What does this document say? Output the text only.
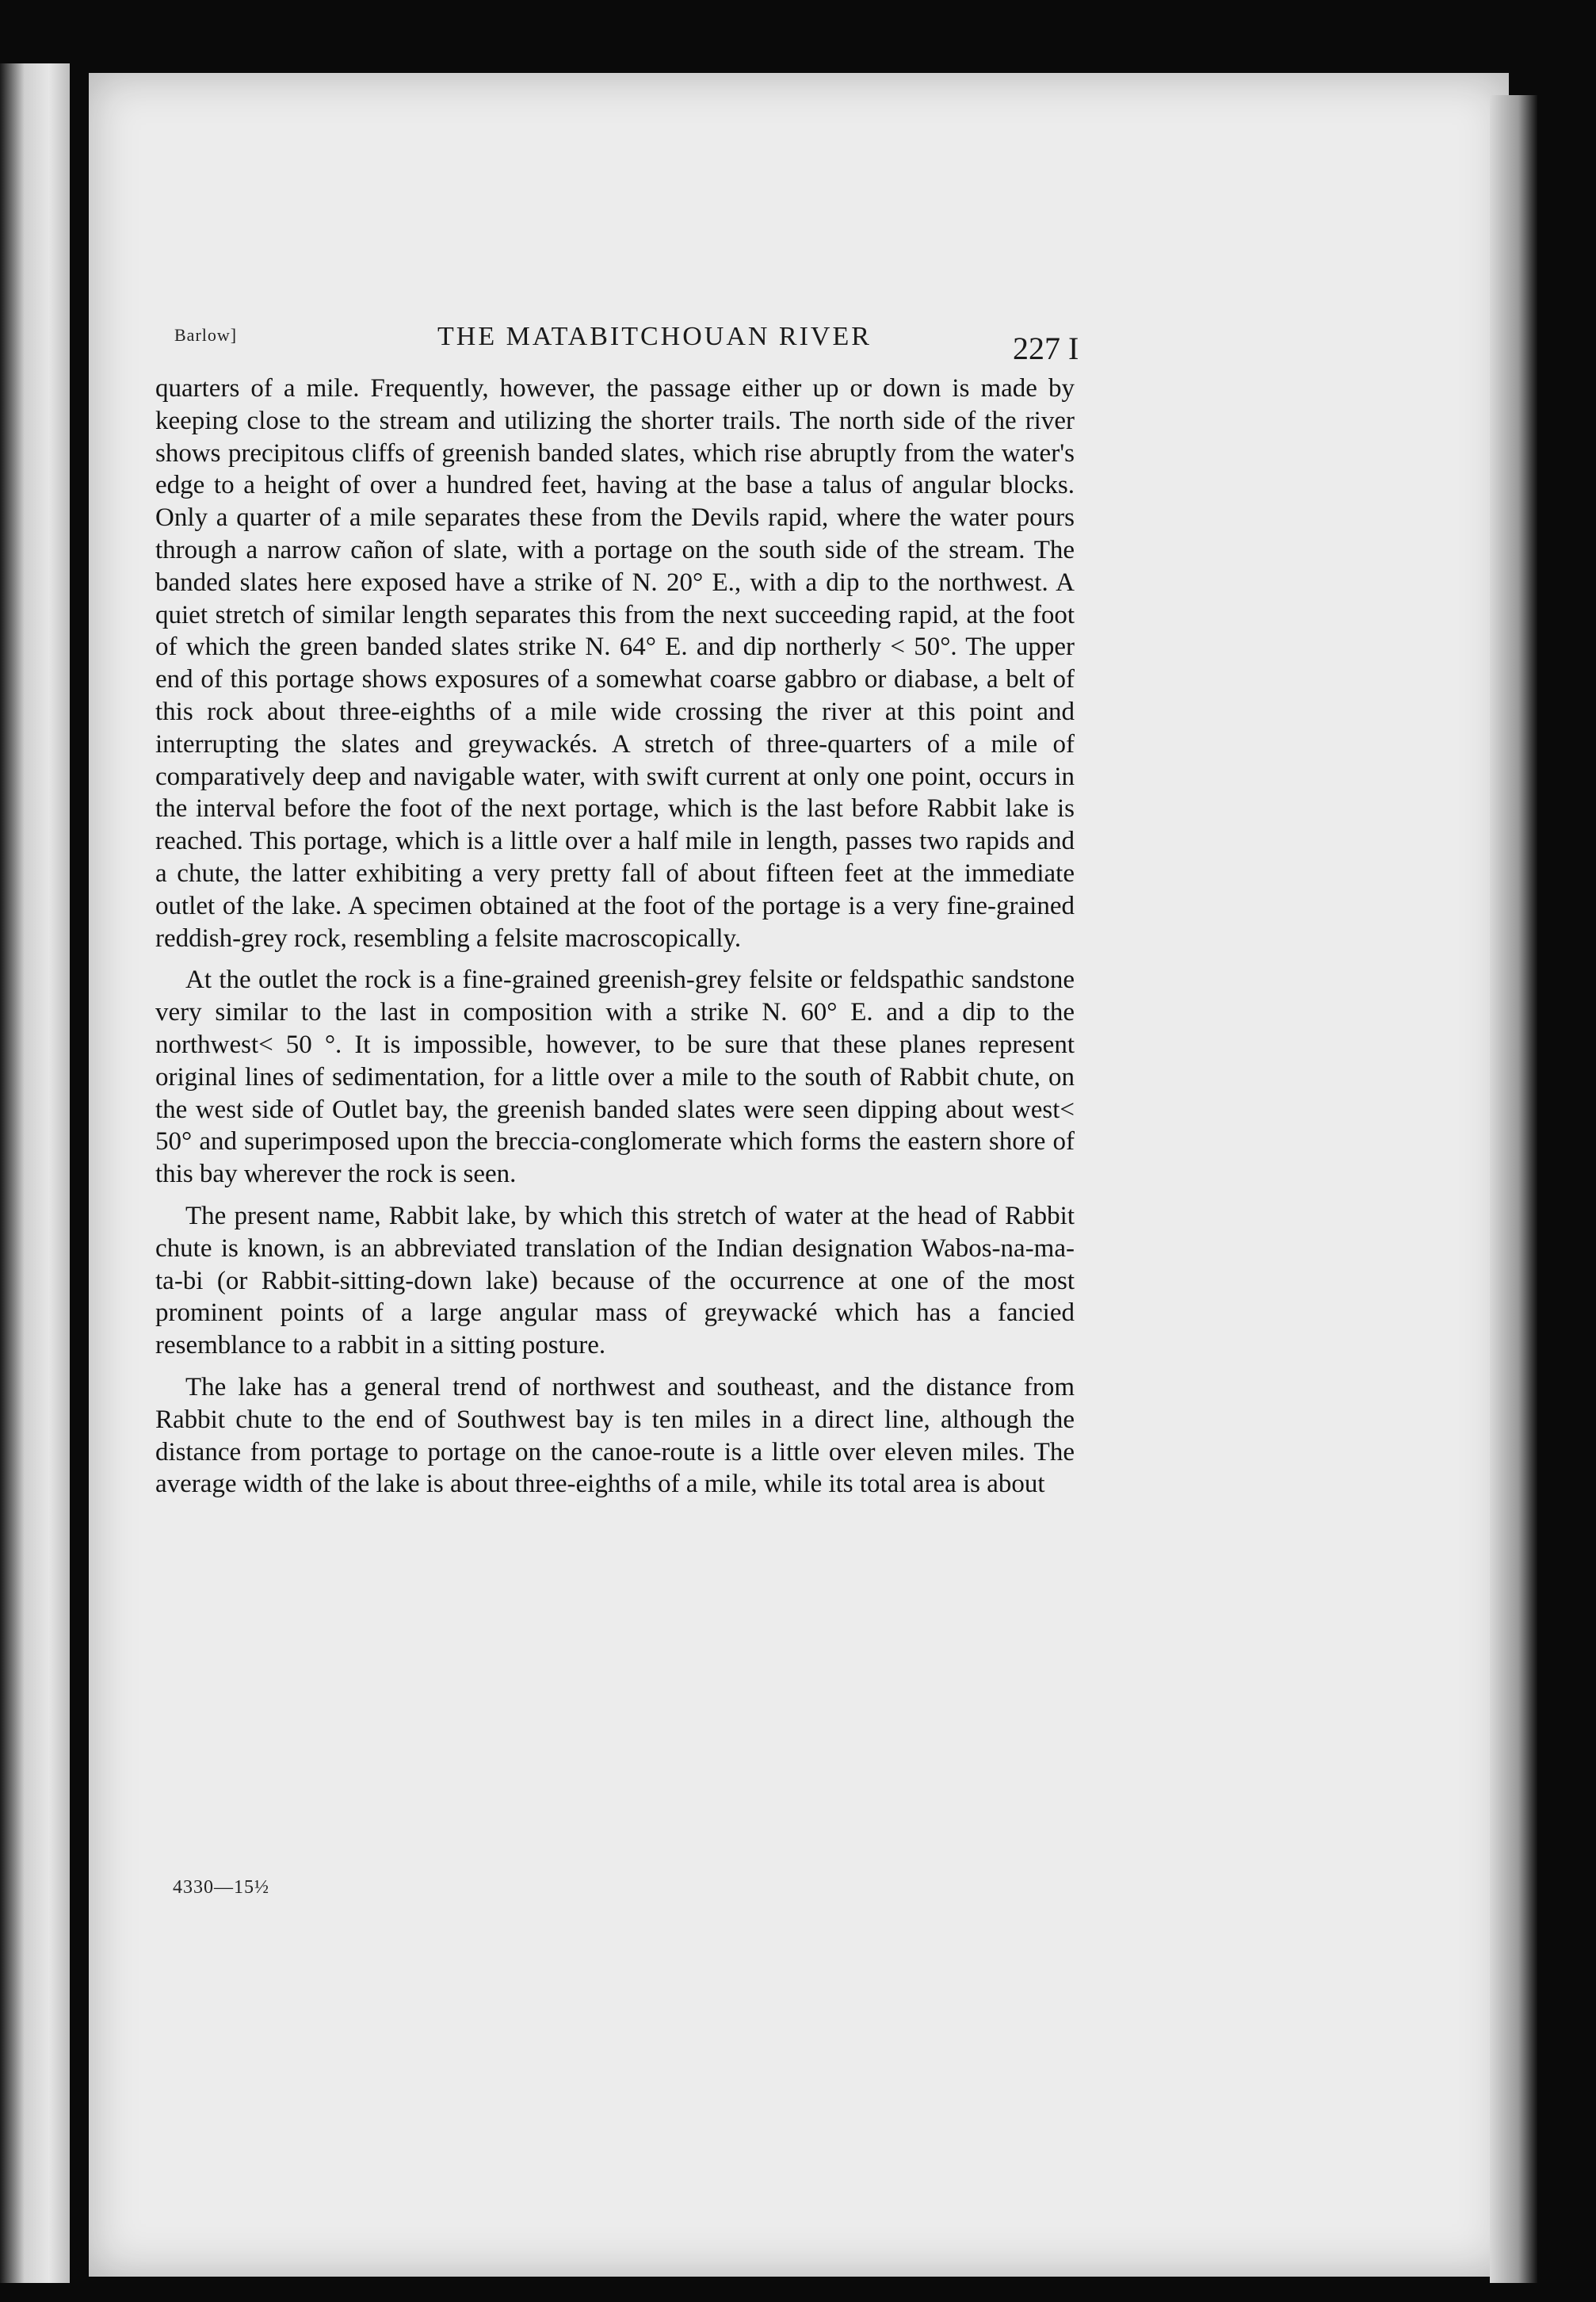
Barlow]	THE MATABITCHOUAN RIVER	227 I

quarters of a mile. Frequently, however, the passage either up or down is made by keeping close to the stream and utilizing the shorter trails. The north side of the river shows precipitous cliffs of greenish banded slates, which rise abruptly from the water's edge to a height of over a hundred feet, having at the base a talus of angular blocks. Only a quarter of a mile separates these from the Devils rapid, where the water pours through a narrow cañon of slate, with a portage on the south side of the stream. The banded slates here exposed have a strike of N. 20° E., with a dip to the northwest. A quiet stretch of similar length separates this from the next succeeding rapid, at the foot of which the green banded slates strike N. 64° E. and dip northerly < 50°. The upper end of this portage shows exposures of a somewhat coarse gabbro or diabase, a belt of this rock about three-eighths of a mile wide crossing the river at this point and interrupting the slates and greywackés. A stretch of three-quarters of a mile of comparatively deep and navigable water, with swift current at only one point, occurs in the interval before the foot of the next portage, which is the last before Rabbit lake is reached. This portage, which is a little over a half mile in length, passes two rapids and a chute, the latter exhibiting a very pretty fall of about fifteen feet at the immediate outlet of the lake. A specimen obtained at the foot of the portage is a very fine-grained reddish-grey rock, resembling a felsite macroscopically.

At the outlet the rock is a fine-grained greenish-grey felsite or feldspathic sandstone very similar to the last in composition with a strike N. 60° E. and a dip to the northwest< 50 °. It is impossible, however, to be sure that these planes represent original lines of sedimentation, for a little over a mile to the south of Rabbit chute, on the west side of Outlet bay, the greenish banded slates were seen dipping about west< 50° and superimposed upon the breccia-conglomerate which forms the eastern shore of this bay wherever the rock is seen.

The present name, Rabbit lake, by which this stretch of water at the head of Rabbit chute is known, is an abbreviated translation of the Indian designation Wabos-na-ma-ta-bi (or Rabbit-sitting-down lake) because of the occurrence at one of the most prominent points of a large angular mass of greywacké which has a fancied resemblance to a rabbit in a sitting posture.

The lake has a general trend of northwest and southeast, and the distance from Rabbit chute to the end of Southwest bay is ten miles in a direct line, although the distance from portage to portage on the canoe-route is a little over eleven miles. The average width of the lake is about three-eighths of a mile, while its total area is about

4330—15½
